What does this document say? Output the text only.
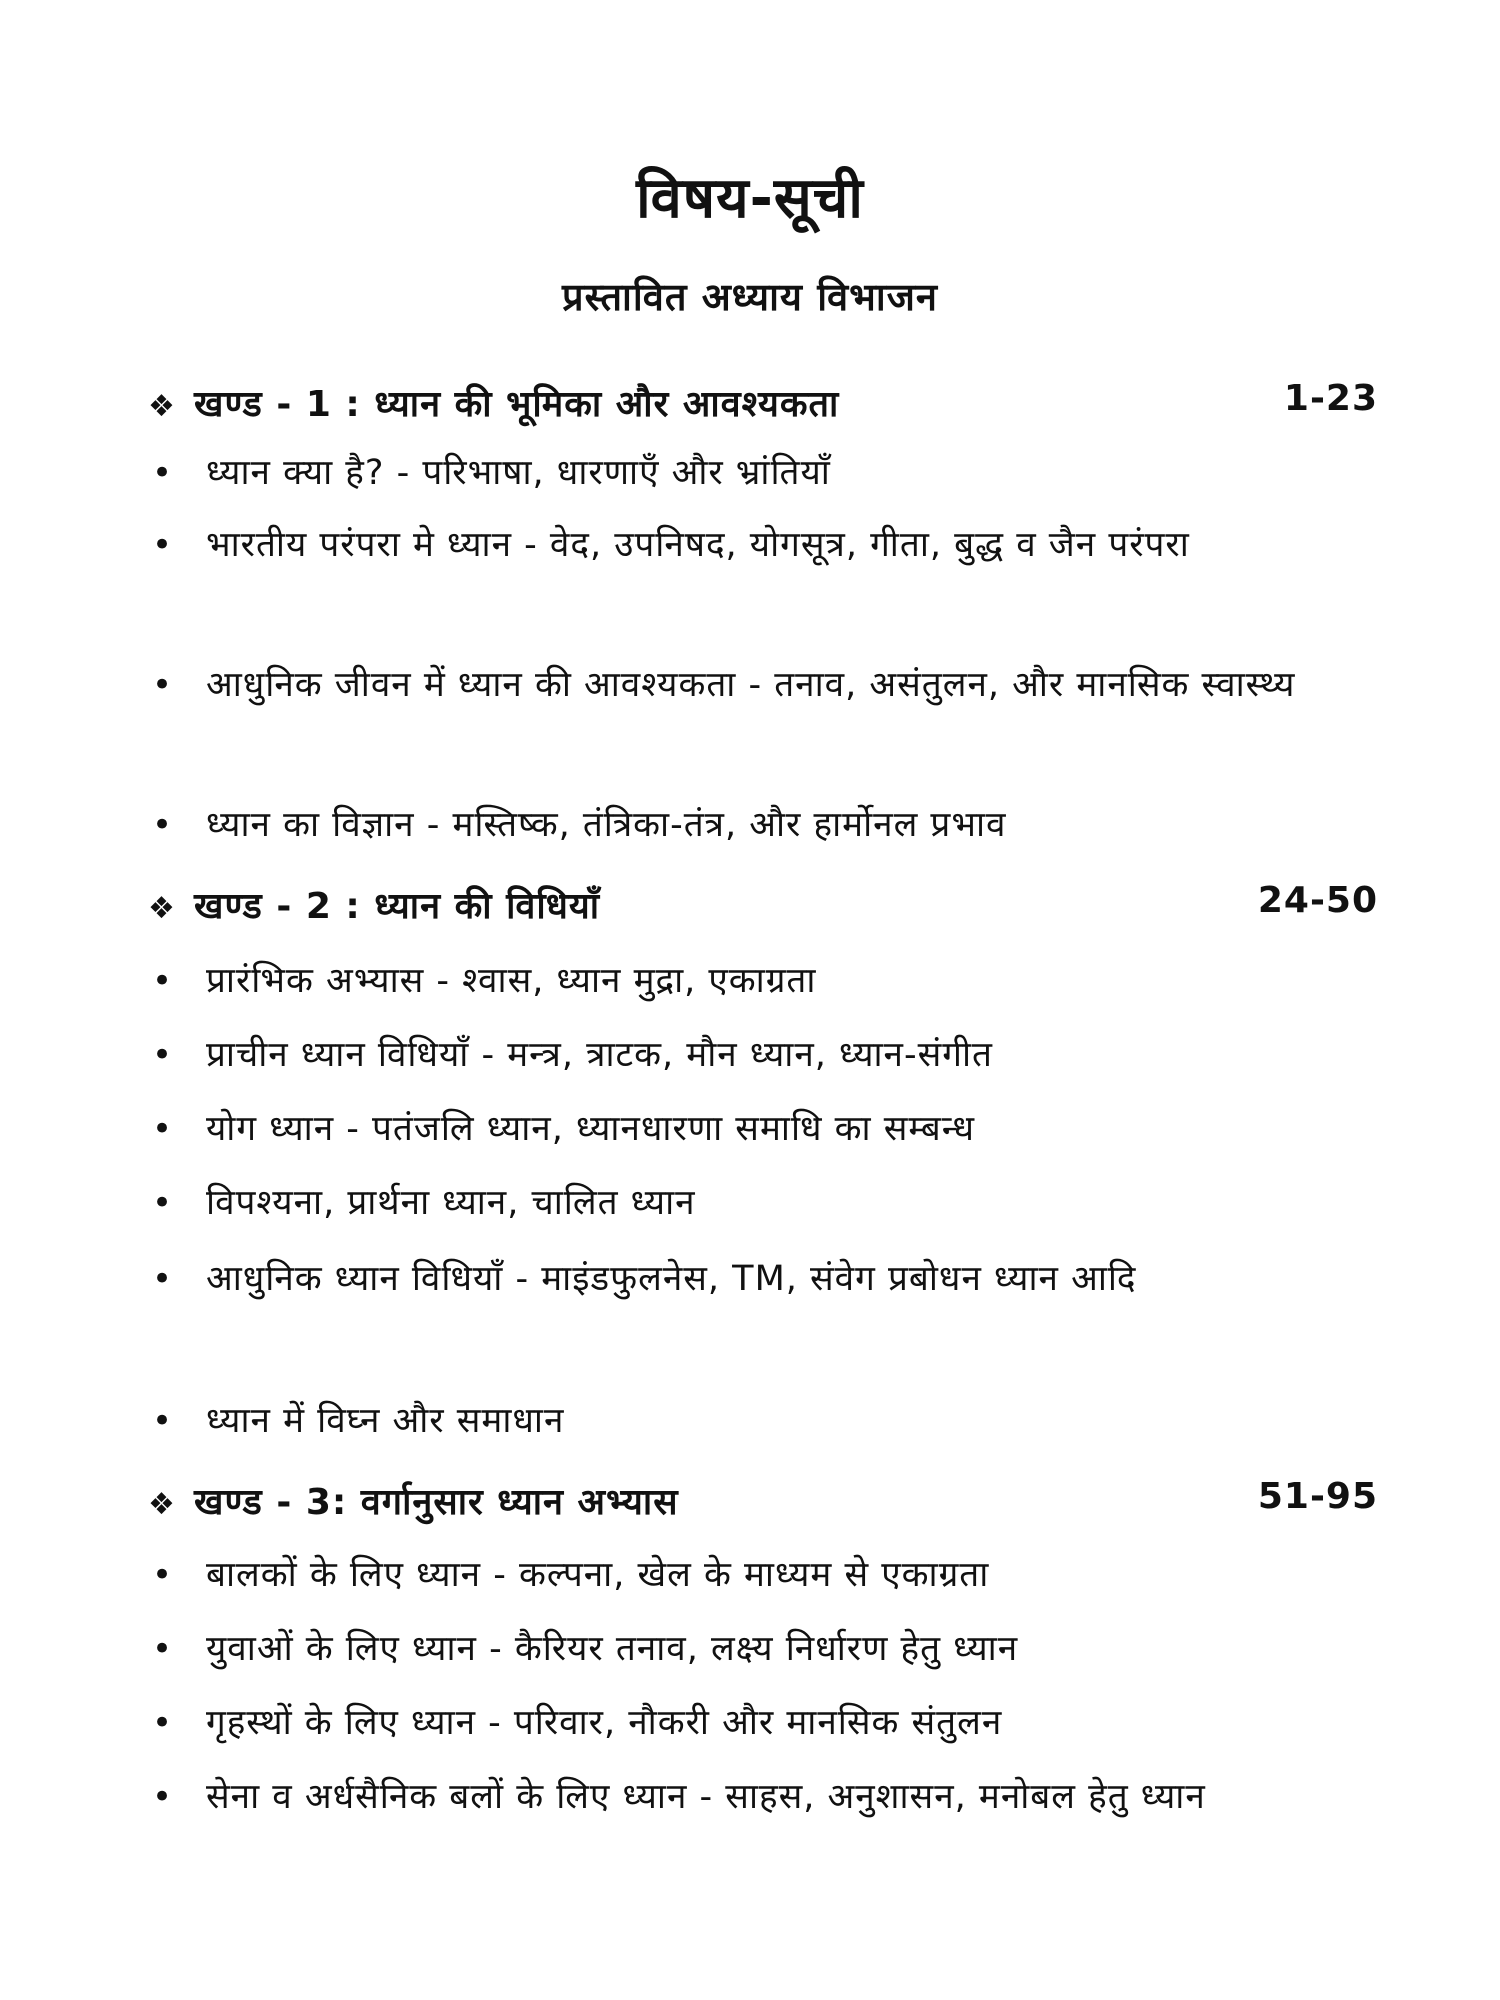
विषय-सूची
प्रस्तावित अध्याय विभाजन
❖ खण्ड - 1 : ध्यान की भूमिका और आवश्यकता	1-23
• ध्यान क्या है? - परिभाषा, धारणाएँ और भ्रांतियाँ
• भारतीय परंपरा मे ध्यान - वेद, उपनिषद, योगसूत्र, गीता, बुद्ध व जैन परंपरा
• आधुनिक जीवन में ध्यान की आवश्यकता - तनाव, असंतुलन, और मानसिक स्वास्थ्य
• ध्यान का विज्ञान - मस्तिष्क, तंत्रिका-तंत्र, और हार्मोनल प्रभाव
❖ खण्ड - 2 : ध्यान की विधियाँ	24-50
• प्रारंभिक अभ्यास - श्वास, ध्यान मुद्रा, एकाग्रता
• प्राचीन ध्यान विधियाँ - मन्त्र, त्राटक, मौन ध्यान, ध्यान-संगीत
• योग ध्यान - पतंजलि ध्यान, ध्यानधारणा समाधि का सम्बन्ध
• विपश्यना, प्रार्थना ध्यान, चालित ध्यान
• आधुनिक ध्यान विधियाँ - माइंडफुलनेस, TM, संवेग प्रबोधन ध्यान आदि
• ध्यान में विघ्न और समाधान
❖ खण्ड - 3: वर्गानुसार ध्यान अभ्यास	51-95
• बालकों के लिए ध्यान - कल्पना, खेल के माध्यम से एकाग्रता
• युवाओं के लिए ध्यान - कैरियर तनाव, लक्ष्य निर्धारण हेतु ध्यान
• गृहस्थों के लिए ध्यान - परिवार, नौकरी और मानसिक संतुलन
• सेना व अर्धसैनिक बलों के लिए ध्यान - साहस, अनुशासन, मनोबल हेतु ध्यान
